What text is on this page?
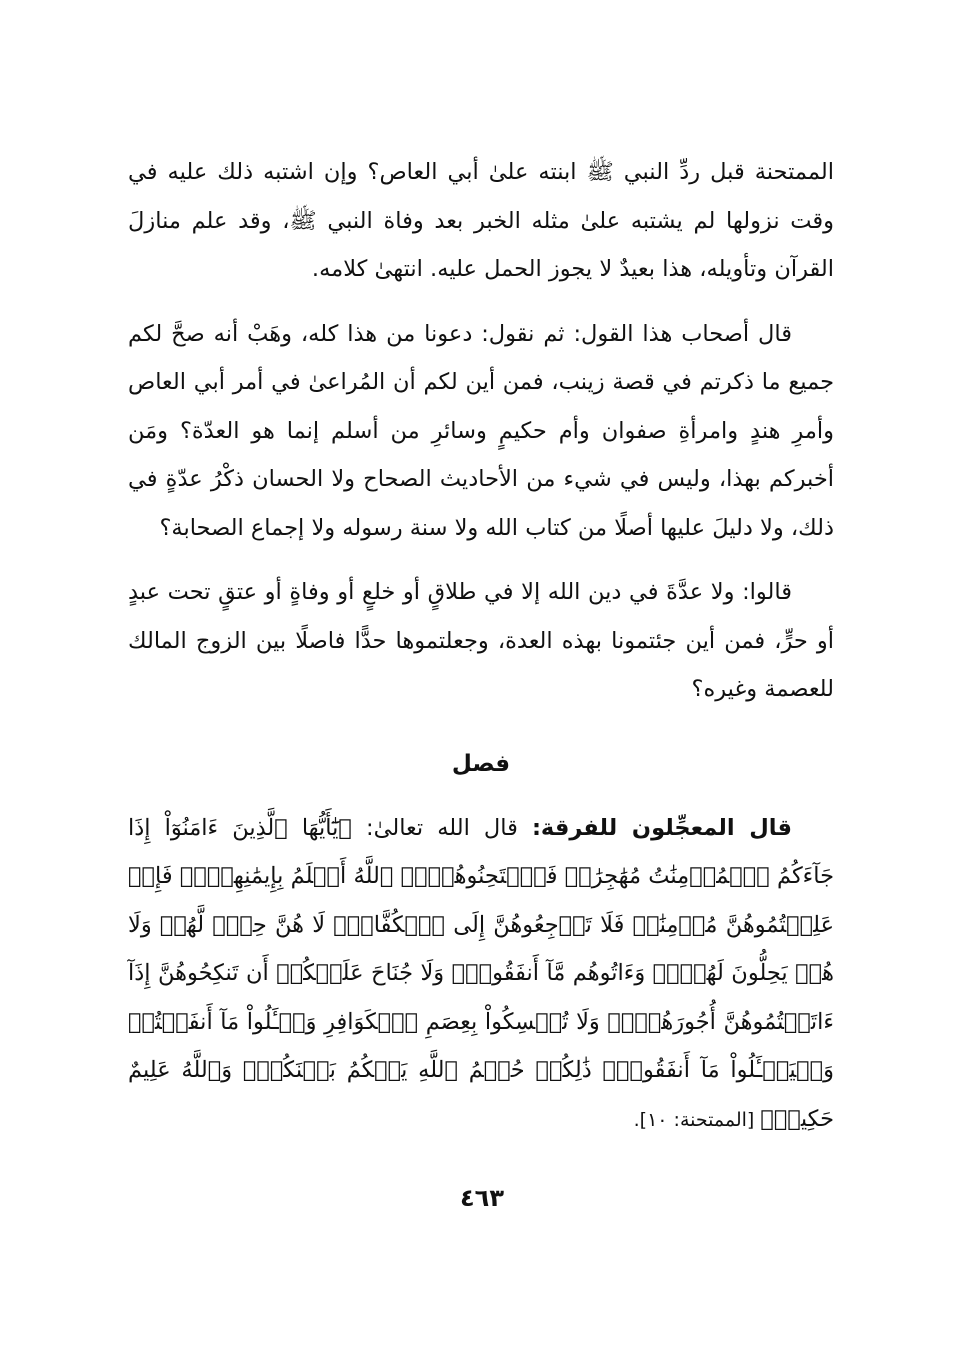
الممتحنة قبل ردِّ النبي ﷺ ابنته علىٰ أبي العاص؟ وإن اشتبه ذلك عليه في وقت نزولها لم يشتبه علىٰ مثله الخبر بعد وفاة النبي ﷺ، وقد علم منازلَ القرآن وتأويله، هذا بعيدٌ لا يجوز الحمل عليه. انتهىٰ كلامه.

قال أصحاب هذا القول: ثم نقول: دعونا من هذا كله، وهَبْ أنه صحَّ لكم جميع ما ذكرتم في قصة زينب، فمن أين لكم أن المُراعىٰ في أمر أبي العاص وأمرِ هندٍ وامرأةِ صفوان وأم حكيمٍ وسائرِ من أسلم إنما هو العدّة؟ ومَن أخبركم بهذا، وليس في شيء من الأحاديث الصحاح ولا الحسان ذكْرُ عدّةٍ في ذلك، ولا دليلَ عليها أصلًا من كتاب الله ولا سنة رسوله ولا إجماع الصحابة؟

قالوا: ولا عدَّةَ في دين الله إلا في طلاقٍ أو خلعٍ أو وفاةٍ أو عتقٍ تحت عبدٍ أو حرٍّ، فمن أين جئتمونا بهذه العدة، وجعلتموها حدًّا فاصلًا بين الزوج المالك للعصمة وغيره؟

فصل

قال المعجِّلون للفرقة: قال الله تعالىٰ: ﴿يَٰٓأَيُّهَا ٱلَّذِينَ ءَامَنُوٓاْ إِذَا جَآءَكُمُ ٱلۡمُؤۡمِنَٰتُ مُهَٰجِرَٰتٖ فَٱمۡتَحِنُوهُنَّۖ ٱللَّهُ أَعۡلَمُ بِإِيمَٰنِهِنَّۖ فَإِنۡ عَلِمۡتُمُوهُنَّ مُؤۡمِنَٰتٖ فَلَا تَرۡجِعُوهُنَّ إِلَى ٱلۡكُفَّارِۖ لَا هُنَّ حِلّٞ لَّهُمۡ وَلَا هُمۡ يَحِلُّونَ لَهُنَّۖ وَءَاتُوهُم مَّآ أَنفَقُواْۚ وَلَا جُنَاحَ عَلَيۡكُمۡ أَن تَنكِحُوهُنَّ إِذَآ ءَاتَيۡتُمُوهُنَّ أُجُورَهُنَّۚ وَلَا تُمۡسِكُواْ بِعِصَمِ ٱلۡكَوَافِرِ وَسۡـَٔلُواْ مَآ أَنفَقۡتُمۡ وَلۡيَسۡـَٔلُواْ مَآ أَنفَقُواْۚ ذَٰلِكُمۡ حُكۡمُ ٱللَّهِ يَحۡكُمُ بَيۡنَكُمۡۖ وَٱللَّهُ عَلِيمٌ حَكِيمٞ﴾ [الممتحنة: ١٠].

٤٦٣
